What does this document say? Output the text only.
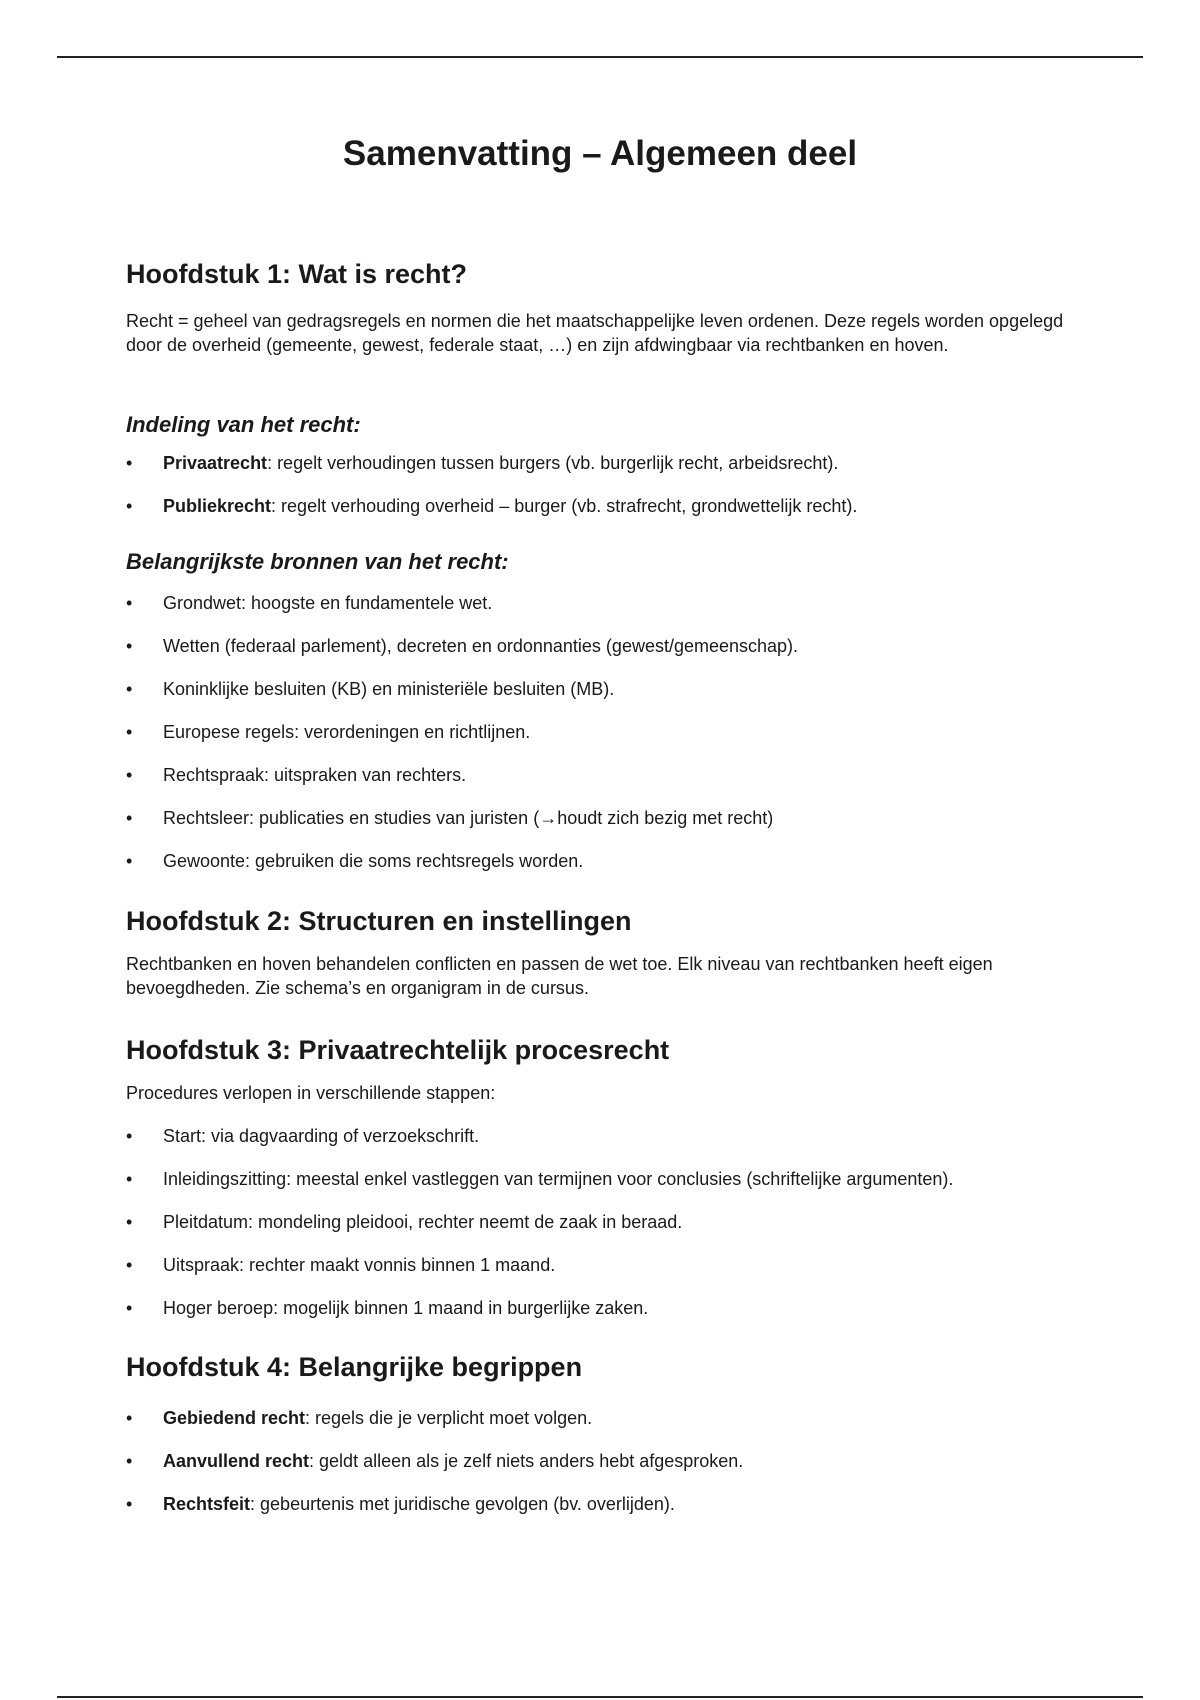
Samenvatting – Algemeen deel
Hoofdstuk 1: Wat is recht?

Recht = geheel van gedragsregels en normen die het maatschappelijke leven ordenen. Deze regels worden opgelegd door de overheid (gemeente, gewest, federale staat, …) en zijn afdwingbaar via rechtbanken en hoven.

Indeling van het recht:
• Privaatrecht: regelt verhoudingen tussen burgers (vb. burgerlijk recht, arbeidsrecht).
• Publiekrecht: regelt verhouding overheid – burger (vb. strafrecht, grondwettelijk recht).
Belangrijkste bronnen van het recht:
• Grondwet: hoogste en fundamentele wet.
• Wetten (federaal parlement), decreten en ordonnanties (gewest/gemeenschap).
• Koninklijke besluiten (KB) en ministeriële besluiten (MB).
• Europese regels: verordeningen en richtlijnen.
• Rechtspraak: uitspraken van rechters.
• Rechtsleer: publicaties en studies van juristen (→houdt zich bezig met recht)
• Gewoonte: gebruiken die soms rechtsregels worden.
Hoofdstuk 2: Structuren en instellingen

Rechtbanken en hoven behandelen conflicten en passen de wet toe. Elk niveau van rechtbanken heeft eigen bevoegdheden. Zie schema’s en organigram in de cursus.

Hoofdstuk 3: Privaatrechtelijk procesrecht

Procedures verlopen in verschillende stappen:

• Start: via dagvaarding of verzoekschrift.
• Inleidingszitting: meestal enkel vastleggen van termijnen voor conclusies (schriftelijke argumenten).
• Pleitdatum: mondeling pleidooi, rechter neemt de zaak in beraad.
• Uitspraak: rechter maakt vonnis binnen 1 maand.
• Hoger beroep: mogelijk binnen 1 maand in burgerlijke zaken.
Hoofdstuk 4: Belangrijke begrippen
• Gebiedend recht: regels die je verplicht moet volgen.
• Aanvullend recht: geldt alleen als je zelf niets anders hebt afgesproken.
• Rechtsfeit: gebeurtenis met juridische gevolgen (bv. overlijden).
